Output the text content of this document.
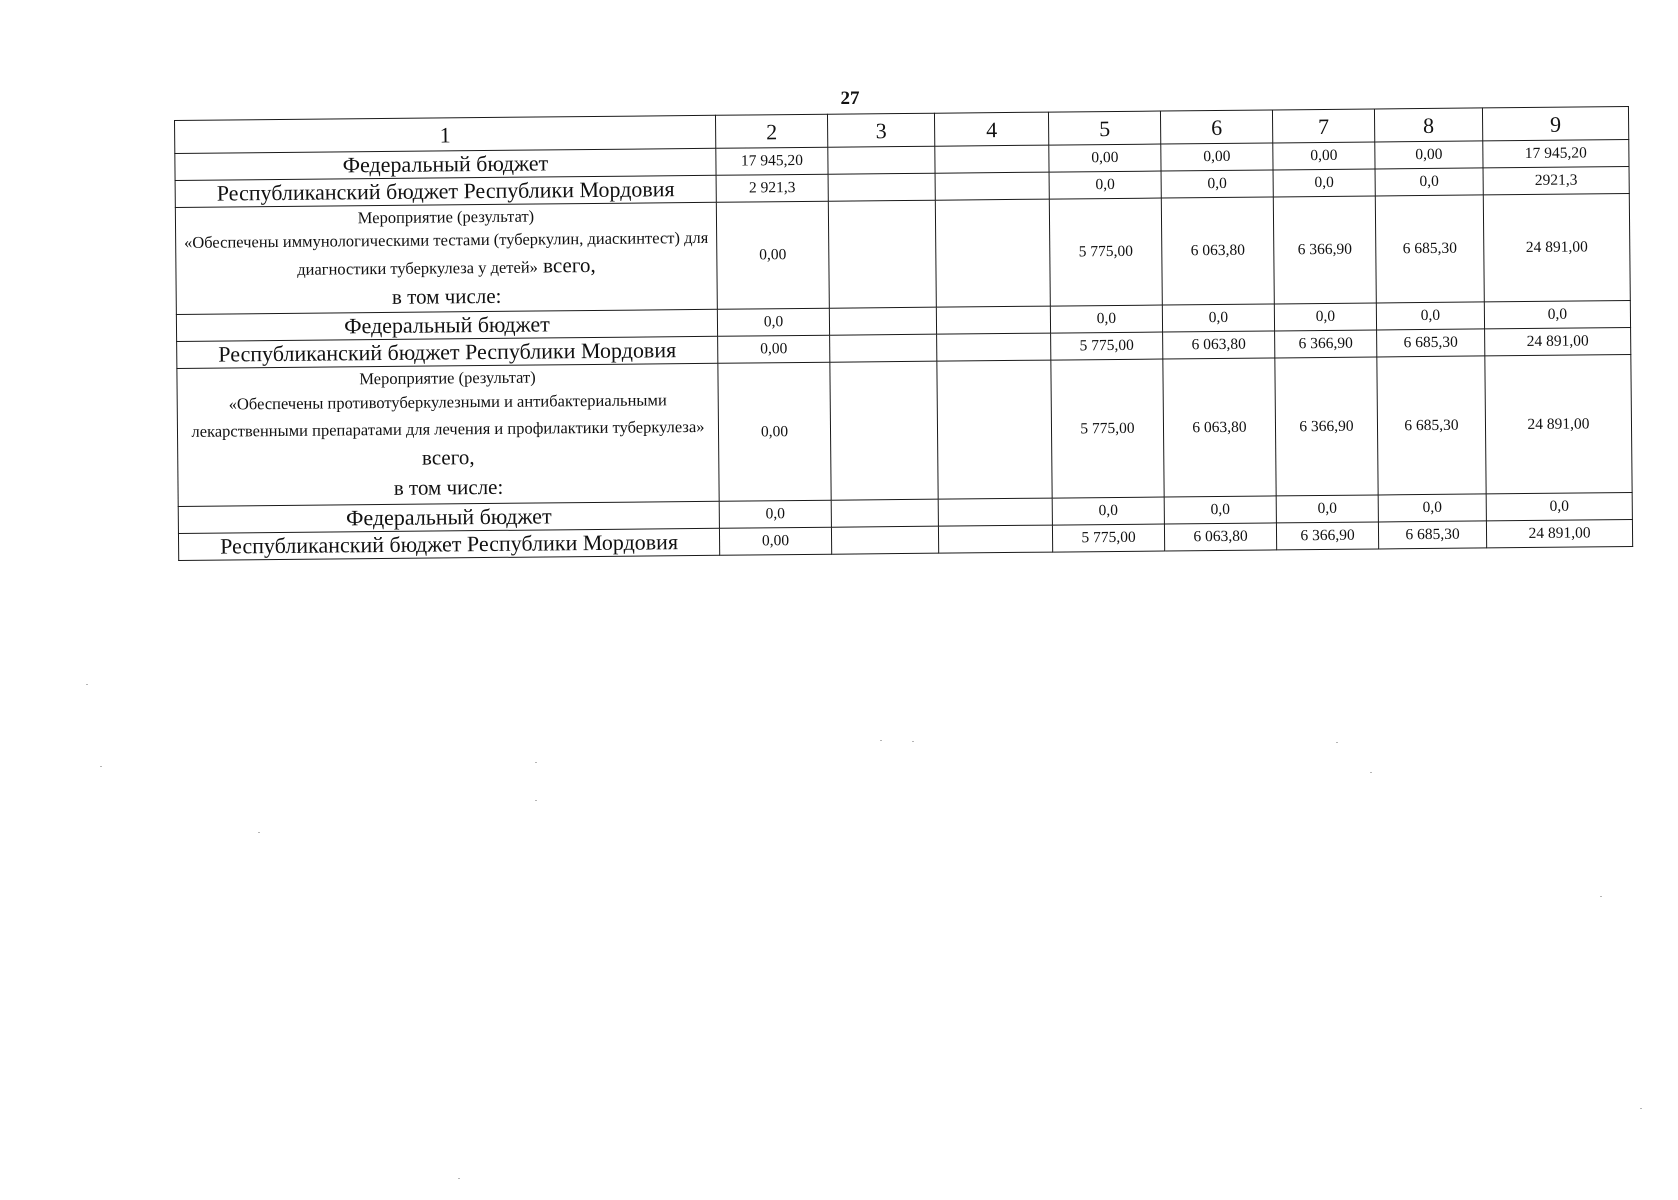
27
1	2	3	4	5	6	7	8	9
Федеральный бюджет	17 945,20			0,00	0,00	0,00	0,00	17 945,20
Республиканский бюджет Республики Мордовия	2 921,3			0,0	0,0	0,0	0,0	2921,3

Мероприятие (результат)
«Обеспечены иммунологическими тестами (туберкулин, диаскинтест) для диагностики туберкулеза у детей» всего,
в том числе:	0,00			5 775,00	6 063,80	6 366,90	6 685,30	24 891,00
Федеральный бюджет	0,0			0,0	0,0	0,0	0,0	0,0
Республиканский бюджет Республики Мордовия	0,00			5 775,00	6 063,80	6 366,90	6 685,30	24 891,00

Мероприятие (результат)
«Обеспечены противотуберкулезными и антибактериальными лекарственными препаратами для лечения и профилактики туберкулеза» всего,
в том числе:	0,00			5 775,00	6 063,80	6 366,90	6 685,30	24 891,00
Федеральный бюджет	0,0			0,0	0,0	0,0	0,0	0,0
Республиканский бюджет Республики Мордовия	0,00			5 775,00	6 063,80	6 366,90	6 685,30	24 891,00
